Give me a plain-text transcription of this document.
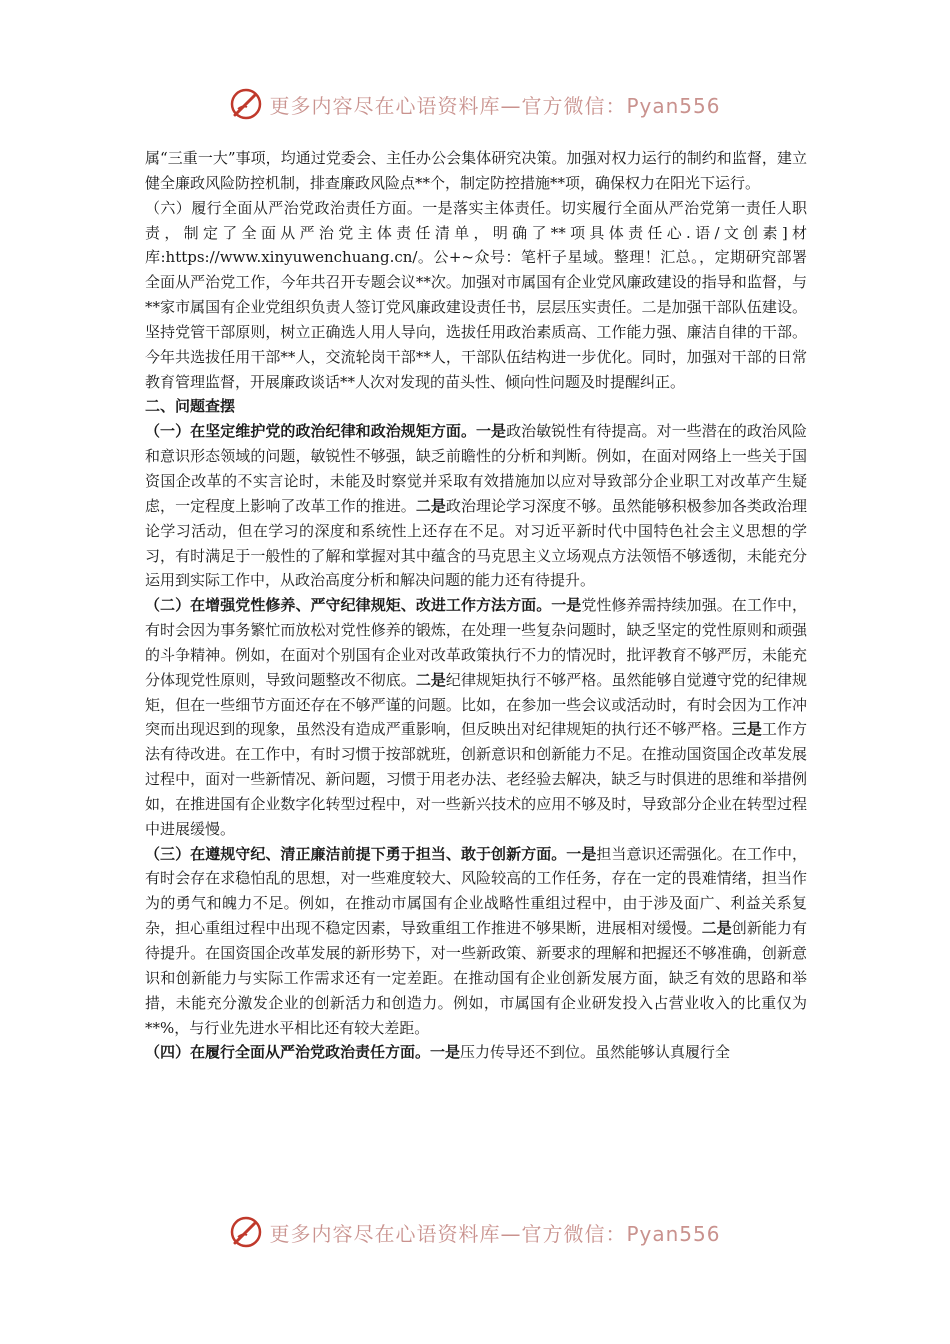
更多内容尽在心语资料库—官方微信：Pyan556

属“三重一大”事项，均通过党委会、主任办公会集体研究决策。加强对权力运行的制约和监督，建立健全廉政风险防控机制，排查廉政风险点**个，制定防控措施**项，确保权力在阳光下运行。

（六）履行全面从严治党政治责任方面。一是落实主体责任。切实履行全面从严治党第一责任人职责，制定了全面从严治党主体责任清单，明确了**项具体责任心.语/文创素]材库:https://www.xinyuwenchuang.cn/。公+~众号：笔杆子星域。整理！汇总。，定期研究部署全面从严治党工作，今年共召开专题会议**次。加强对市属国有企业党风廉政建设的指导和监督，与**家市属国有企业党组织负责人签订党风廉政建设责任书，层层压实责任。二是加强干部队伍建设。坚持党管干部原则，树立正确选人用人导向，选拔任用政治素质高、工作能力强、廉洁自律的干部。今年共选拔任用干部**人，交流轮岗干部**人，干部队伍结构进一步优化。同时，加强对干部的日常教育管理监督，开展廉政谈话**人次对发现的苗头性、倾向性问题及时提醒纠正。

二、问题查摆

（一）在坚定维护党的政治纪律和政治规矩方面。一是政治敏锐性有待提高。对一些潜在的政治风险和意识形态领域的问题，敏锐性不够强，缺乏前瞻性的分析和判断。例如，在面对网络上一些关于国资国企改革的不实言论时，未能及时察觉并采取有效措施加以应对导致部分企业职工对改革产生疑虑，一定程度上影响了改革工作的推进。二是政治理论学习深度不够。虽然能够积极参加各类政治理论学习活动，但在学习的深度和系统性上还存在不足。对习近平新时代中国特色社会主义思想的学习，有时满足于一般性的了解和掌握对其中蕴含的马克思主义立场观点方法领悟不够透彻，未能充分运用到实际工作中，从政治高度分析和解决问题的能力还有待提升。

（二）在增强党性修养、严守纪律规矩、改进工作方法方面。一是党性修养需持续加强。在工作中，有时会因为事务繁忙而放松对党性修养的锻炼，在处理一些复杂问题时，缺乏坚定的党性原则和顽强的斗争精神。例如，在面对个别国有企业对改革政策执行不力的情况时，批评教育不够严厉，未能充分体现党性原则，导致问题整改不彻底。二是纪律规矩执行不够严格。虽然能够自觉遵守党的纪律规矩，但在一些细节方面还存在不够严谨的问题。比如，在参加一些会议或活动时，有时会因为工作冲突而出现迟到的现象，虽然没有造成严重影响，但反映出对纪律规矩的执行还不够严格。三是工作方法有待改进。在工作中，有时习惯于按部就班，创新意识和创新能力不足。在推动国资国企改革发展过程中，面对一些新情况、新问题，习惯于用老办法、老经验去解决，缺乏与时俱进的思维和举措例如，在推进国有企业数字化转型过程中，对一些新兴技术的应用不够及时，导致部分企业在转型过程中进展缓慢。

（三）在遵规守纪、清正廉洁前提下勇于担当、敢于创新方面。一是担当意识还需强化。在工作中，有时会存在求稳怕乱的思想，对一些难度较大、风险较高的工作任务，存在一定的畏难情绪，担当作为的勇气和魄力不足。例如，在推动市属国有企业战略性重组过程中，由于涉及面广、利益关系复杂，担心重组过程中出现不稳定因素，导致重组工作推进不够果断，进展相对缓慢。二是创新能力有待提升。在国资国企改革发展的新形势下，对一些新政策、新要求的理解和把握还不够准确，创新意识和创新能力与实际工作需求还有一定差距。在推动国有企业创新发展方面，缺乏有效的思路和举措，未能充分激发企业的创新活力和创造力。例如，市属国有企业研发投入占营业收入的比重仅为**%，与行业先进水平相比还有较大差距。

（四）在履行全面从严治党政治责任方面。一是压力传导还不到位。虽然能够认真履行全

更多内容尽在心语资料库—官方微信：Pyan556
